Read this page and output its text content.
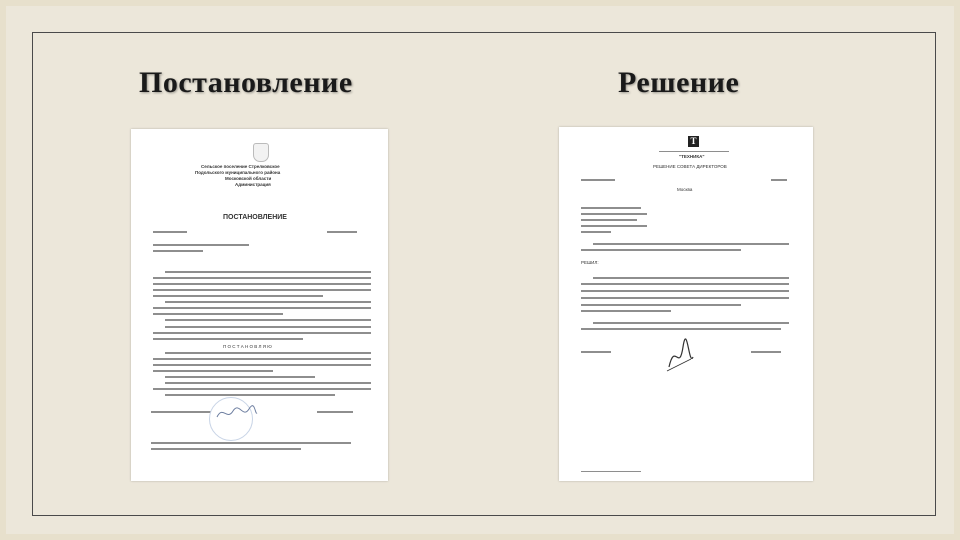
Постановление	Решение
Сельское поселение Стрелковское
Подольского муниципального района
Московской области
Администрация
ПОСТАНОВЛЕНИЕ
П О С Т А Н О В Л Я Ю
Т
"ТЕХНИКА"
РЕШЕНИЕ СОВЕТА ДИРЕКТОРОВ
Москва
РЕШИЛ:
